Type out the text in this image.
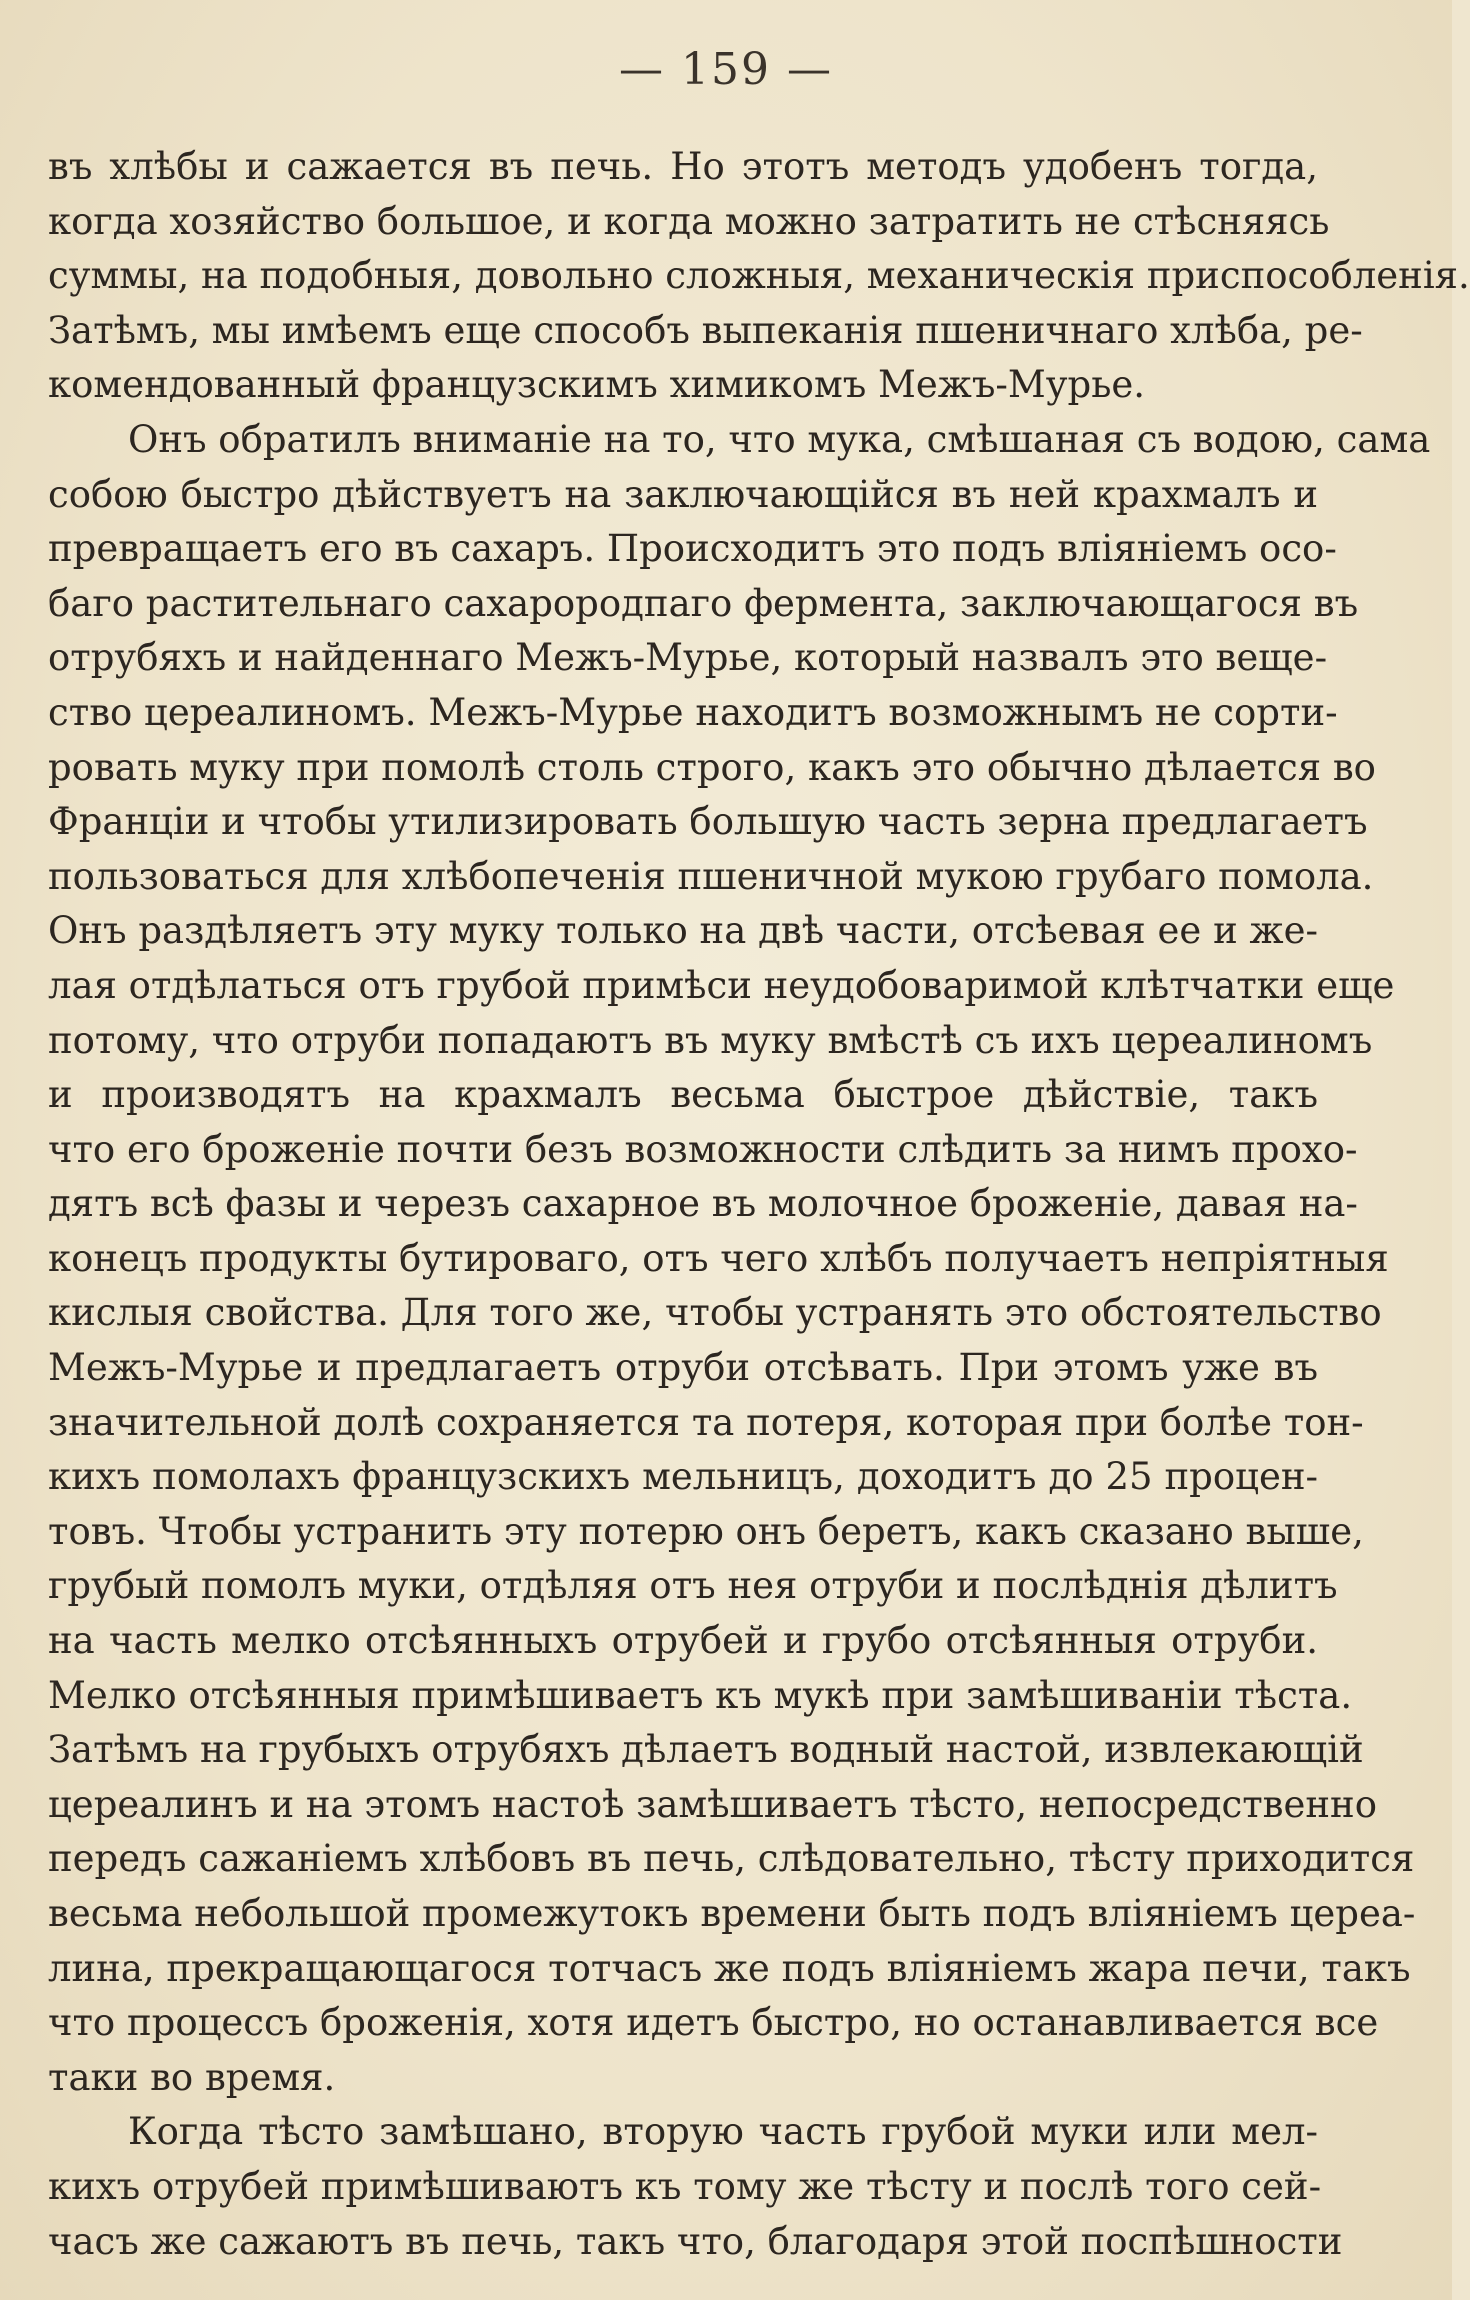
— 159 —
въ хлѣбы и сажается въ печь. Но этотъ методъ удобенъ тогда,
когда хозяйство большое, и когда можно затратить не стѣсняясь
суммы, на подобныя, довольно сложныя, механическія приспособленія.
Затѣмъ, мы имѣемъ еще способъ выпеканія пшеничнаго хлѣба, ре-
комендованный французскимъ химикомъ Межъ-Мурье.
Онъ обратилъ вниманіе на то, что мука, смѣшаная съ водою, сама
собою быстро дѣйствуетъ на заключающійся въ ней крахмалъ и
превращаетъ его въ сахаръ. Происходитъ это подъ вліяніемъ осо-
баго растительнаго сахарородпаго фермента, заключающагося въ
отрубяхъ и найденнаго Межъ-Мурье, который назвалъ это веще-
ство цереалиномъ. Межъ-Мурье находитъ возможнымъ не сорти-
ровать муку при помолѣ столь строго, какъ это обычно дѣлается во
Франціи и чтобы утилизировать большую часть зерна предлагаетъ
пользоваться для хлѣбопеченія пшеничной мукою грубаго помола.
Онъ раздѣляетъ эту муку только на двѣ части, отсѣевая ее и же-
лая отдѣлаться отъ грубой примѣси неудобоваримой клѣтчатки еще
потому, что отруби попадаютъ въ муку вмѣстѣ съ ихъ цереалиномъ
и производятъ на крахмалъ весьма быстрое дѣйствіе, такъ
что его броженіе почти безъ возможности слѣдить за нимъ прохо-
дятъ всѣ фазы и черезъ сахарное въ молочное броженіе, давая на-
конецъ продукты бутироваго, отъ чего хлѣбъ получаетъ непріятныя
кислыя свойства. Для того же, чтобы устранять это обстоятельство
Межъ-Мурье и предлагаетъ отруби отсѣвать. При этомъ уже въ
значительной долѣ сохраняется та потеря, которая при болѣе тон-
кихъ помолахъ французскихъ мельницъ, доходитъ до 25 процен-
товъ. Чтобы устранить эту потерю онъ беретъ, какъ сказано выше,
грубый помолъ муки, отдѣляя отъ нея отруби и послѣднія дѣлитъ
на часть мелко отсѣянныхъ отрубей и грубо отсѣянныя отруби.
Мелко отсѣянныя примѣшиваетъ къ мукѣ при замѣшиваніи тѣста.
Затѣмъ на грубыхъ отрубяхъ дѣлаетъ водный настой, извлекающій
цереалинъ и на этомъ настоѣ замѣшиваетъ тѣсто, непосредственно
передъ сажаніемъ хлѣбовъ въ печь, слѣдовательно, тѣсту приходится
весьма небольшой промежутокъ времени быть подъ вліяніемъ цереа-
лина, прекращающагося тотчасъ же подъ вліяніемъ жара печи, такъ
что процессъ броженія, хотя идетъ быстро, но останавливается все
таки во время.
Когда тѣсто замѣшано, вторую часть грубой муки или мел-
кихъ отрубей примѣшиваютъ къ тому же тѣсту и послѣ того сей-
часъ же сажаютъ въ печь, такъ что, благодаря этой поспѣшности
